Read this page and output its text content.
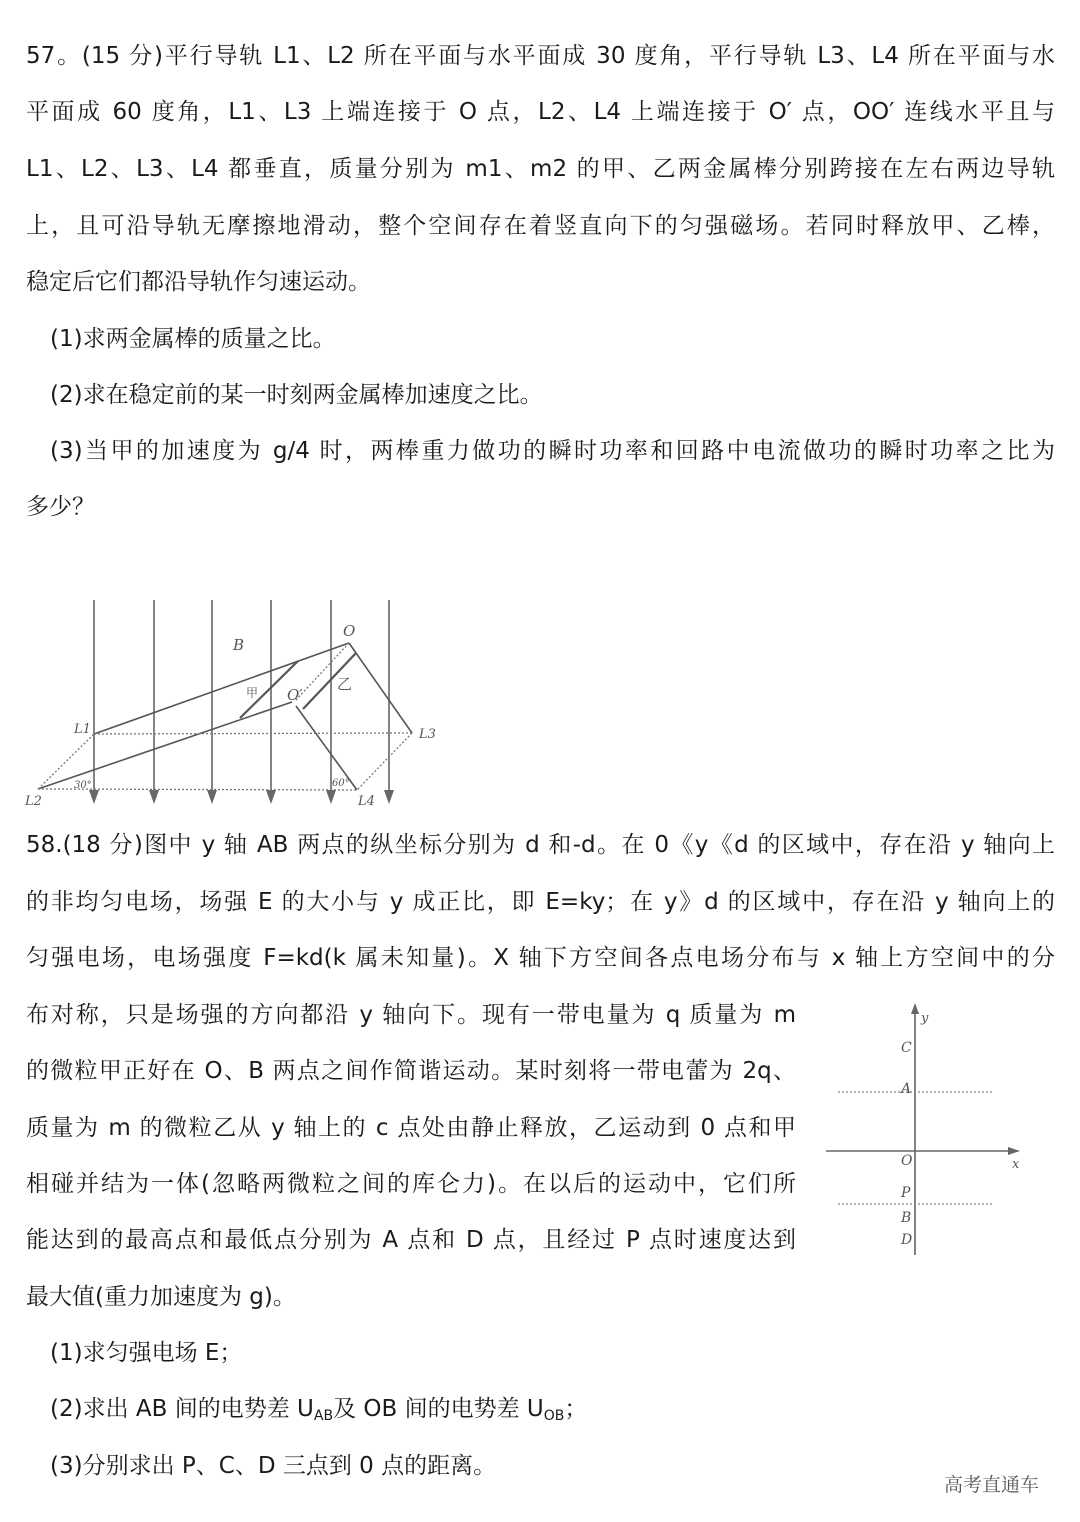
57。(15 分)平行导轨 L1、L2 所在平面与水平面成 30 度角，平行导轨 L3、L4 所在平面与水
平面成 60 度角，L1、L3 上端连接于 O 点，L2、L4 上端连接于 O′ 点，OO′ 连线水平且与
L1、L2、L3、L4 都垂直，质量分别为 m1、m2 的甲、乙两金属棒分别跨接在左右两边导轨
上，且可沿导轨无摩擦地滑动，整个空间存在着竖直向下的匀强磁场。若同时释放甲、乙棒，
稳定后它们都沿导轨作匀速运动。
(1)求两金属棒的质量之比。
(2)求在稳定前的某一时刻两金属棒加速度之比。
(3)当甲的加速度为 g/4 时，两棒重力做功的瞬时功率和回路中电流做功的瞬时功率之比为
多少？
B
O
O′
甲	乙
L1
L2
L3
L4
30°	60°
58.(18 分)图中 y 轴 AB 两点的纵坐标分别为 d 和-d。在 0《y《d 的区域中，存在沿 y 轴向上
的非均匀电场，场强 E 的大小与 y 成正比，即 E=ky；在 y》d 的区域中，存在沿 y 轴向上的
匀强电场，电场强度 F=kd(k 属未知量)。X 轴下方空间各点电场分布与 x 轴上方空间中的分
布对称，只是场强的方向都沿 y 轴向下。现有一带电量为 q 质量为 m
的微粒甲正好在 O、B 两点之间作简谐运动。某时刻将一带电蕾为 2q、
质量为 m 的微粒乙从 y 轴上的 c 点处由静止释放，乙运动到 0 点和甲
相碰并结为一体(忽略两微粒之间的库仑力)。在以后的运动中，它们所
能达到的最高点和最低点分别为 A 点和 D 点，且经过 P 点时速度达到
最大值(重力加速度为 g)。
(1)求匀强电场 E；
(2)求出 AB 间的电势差 $U_{AB}$及 OB 间的电势差 $U_{OB}$；
(3)分别求出 P、C、D 三点到 0 点的距离。
y
C
A
O	x
P
B
D
高考直通车
